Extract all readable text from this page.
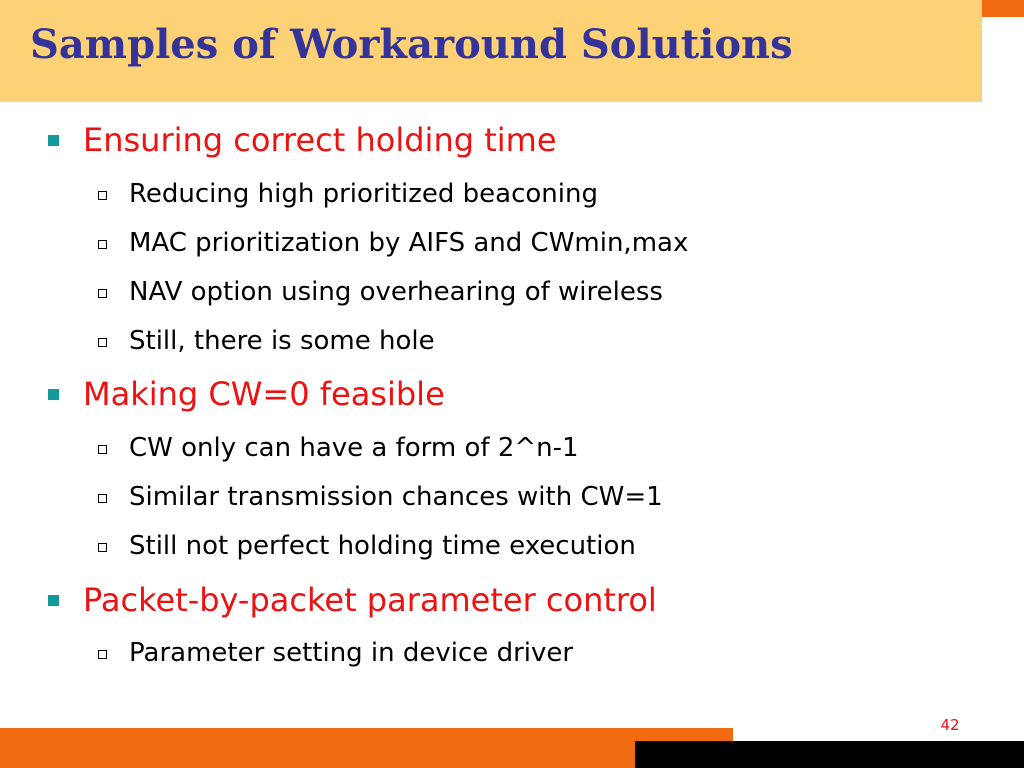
Samples of Workaround Solutions
Ensuring correct holding time
Reducing high prioritized beaconing
MAC prioritization by AIFS and CWmin,max
NAV option using overhearing of wireless
Still, there is some hole
Making CW=0 feasible
CW only can have a form of 2^n-1
Similar transmission chances with CW=1
Still not perfect holding time execution
Packet-by-packet parameter control
Parameter setting in device driver
42
